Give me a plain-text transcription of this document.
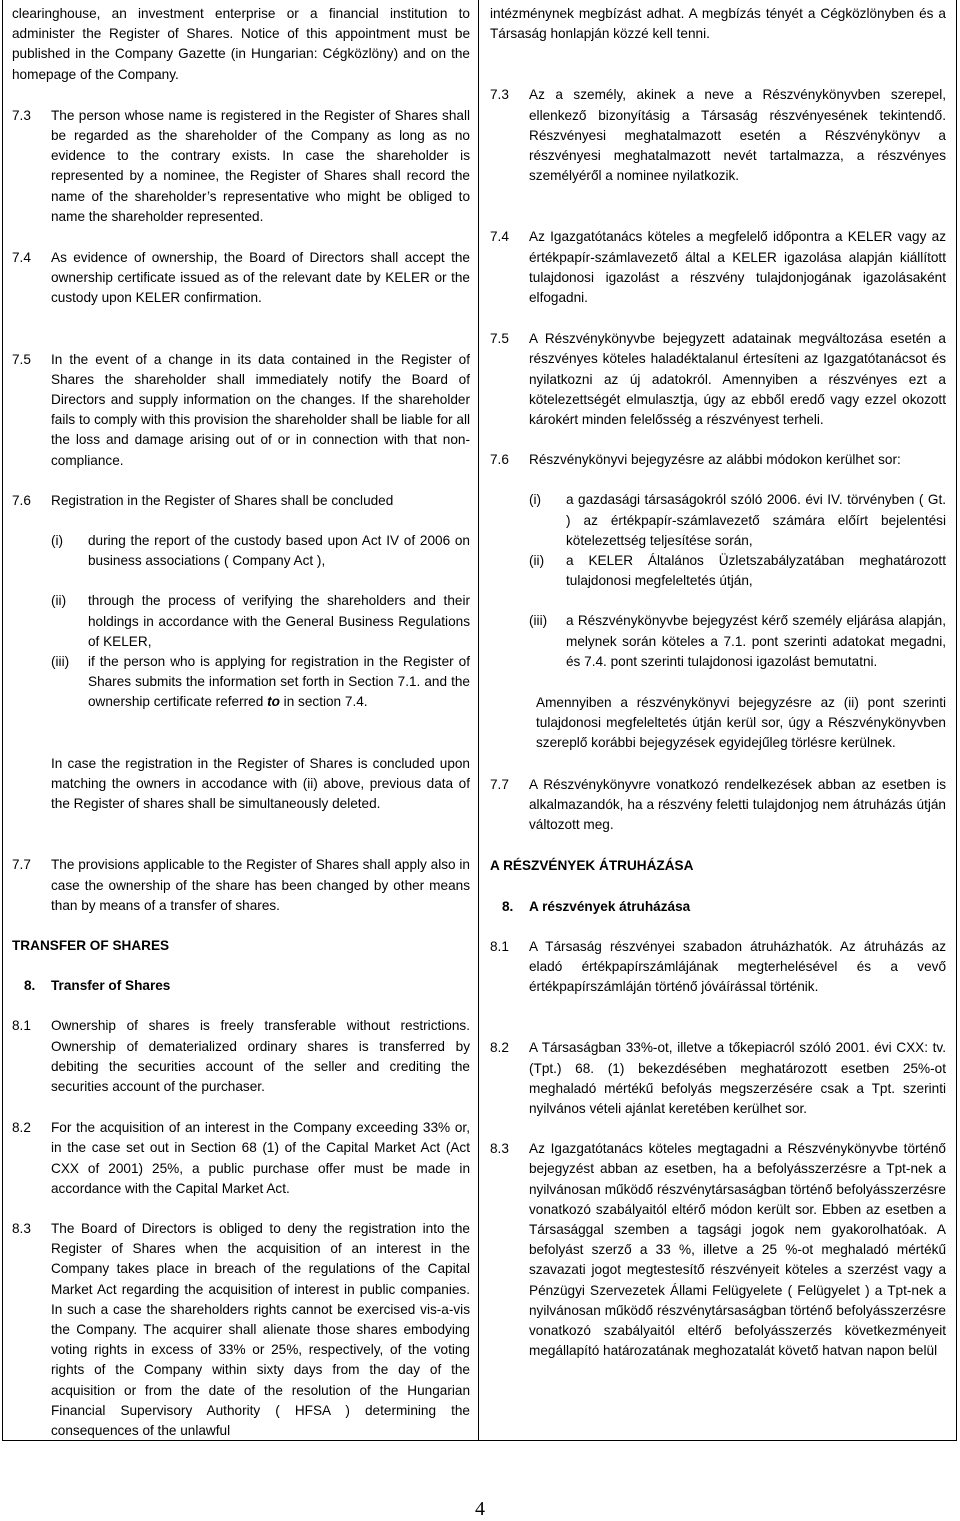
clearinghouse, an investment enterprise or a financial institution to administer the Register of Shares. Notice of this appointment must be published in the Company Gazette (in Hungarian: Cégközlöny) and on the homepage of the Company.

7.3	The person whose name is registered in the Register of Shares shall be regarded as the shareholder of the Company as long as no evidence to the contrary exists. In case the shareholder is represented by a nominee, the Register of Shares shall record the name of the shareholder’s representative who might be obliged to name the shareholder represented.
7.4	As evidence of ownership, the Board of Directors shall accept the ownership certificate issued as of the relevant date by KELER or the custody upon KELER confirmation.
7.5	In the event of a change in its data contained in the Register of Shares the shareholder shall immediately notify the Board of Directors and supply information on the changes. If the shareholder fails to comply with this provision the shareholder shall be liable for all the loss and damage arising out of or in connection with that non-compliance.
7.6	Registration in the Register of Shares shall be concluded
(i)	during the report of the custody based upon Act IV of 2006 on business associations ( Company Act ),
(ii)	through the process of verifying the shareholders and their holdings in accordance with the General Business Regulations of KELER,
(iii)	if the person who is applying for registration in the Register of Shares submits the information set forth in Section 7.1. and the ownership certificate referred to in section 7.4.

In case the registration in the Register of Shares is concluded upon matching the owners in accodance with (ii) above, previous data of the Register of shares shall be simultaneously deleted.

7.7	The provisions applicable to the Register of Shares shall apply also in case the ownership of the share has been changed by other means than by means of a transfer of shares.

TRANSFER OF SHARES

8.	Transfer of Shares
8.1	Ownership of shares is freely transferable without restrictions. Ownership of dematerialized ordinary shares is transferred by debiting the securities account of the seller and crediting the securities account of the purchaser.
8.2	For the acquisition of an interest in the Company exceeding 33% or, in the case set out in Section 68 (1) of the Capital Market Act (Act CXX of 2001) 25%, a public purchase offer must be made in accordance with the Capital Market Act.
8.3	The Board of Directors is obliged to deny the registration into the Register of Shares when the acquisition of an interest in the Company takes place in breach of the regulations of the Capital Market Act regarding the acquisition of interest in public companies. In such a case the shareholders rights cannot be exercised vis-a-vis the Company. The acquirer shall alienate those shares embodying voting rights in excess of 33% or 25%, respectively, of the voting rights of the Company within sixty days from the day of the acquisition or from the date of the resolution of the Hungarian Financial Supervisory Authority ( HFSA ) determining the consequences of the unlawful

intézménynek megbízást adhat. A megbízás tényét a Cégközlönyben és a Társaság honlapján közzé kell tenni.

7.3	Az a személy, akinek a neve a Részvénykönyvben szerepel, ellenkező bizonyításig a Társaság részvényesének tekintendő. Részvényesi meghatalmazott esetén a Részvénykönyv a részvényesi meghatalmazott nevét tartalmazza, a részvényes személyéről a nominee nyilatkozik.
7.4	Az Igazgatótanács köteles a megfelelő időpontra a KELER vagy az értékpapír-számlavezető által a KELER igazolása alapján kiállított tulajdonosi igazolást a részvény tulajdonjogának igazolásaként elfogadni.
7.5	A Részvénykönyvbe bejegyzett adatainak megváltozása esetén a részvényes köteles haladéktalanul értesíteni az Igazgatótanácsot és nyilatkozni az új adatokról. Amennyiben a részvényes ezt a kötelezettségét elmulasztja, úgy az ebből eredő vagy ezzel okozott károkért minden felelősség a részvényest terheli.
7.6	Részvénykönyvi bejegyzésre az alábbi módokon kerülhet sor:
(i)	a gazdasági társaságokról szóló 2006. évi IV. törvényben ( Gt. ) az értékpapír-számlavezető számára előírt bejelentési kötelezettség teljesítése során,
(ii)	a KELER Általános Üzletszabályzatában meghatározott tulajdonosi megfeleltetés útján,
(iii)	a Részvénykönyvbe bejegyzést kérő személy eljárása alapján, melynek során köteles a 7.1. pont szerinti adatokat megadni, és 7.4. pont szerinti tulajdonosi igazolást bemutatni.

Amennyiben a részvénykönyvi bejegyzésre az (ii) pont szerinti tulajdonosi megfeleltetés útján kerül sor, úgy a Részvénykönyvben szereplő korábbi bejegyzések egyidejűleg törlésre kerülnek.

7.7	A Részvénykönyvre vonatkozó rendelkezések abban az esetben is alkalmazandók, ha a részvény feletti tulajdonjog nem átruházás útján változott meg.

A RÉSZVÉNYEK ÁTRUHÁZÁSA

8.	A részvények átruházása
8.1	A Társaság részvényei szabadon átruházhatók. Az átruházás az eladó értékpapírszámlájának megterhelésével és a vevő értékpapírszámláján történő jóváírással történik.
8.2	A Társaságban 33%-ot, illetve a tőkepiacról szóló 2001. évi CXX: tv. (Tpt.) 68. (1) bekezdésében meghatározott esetben 25%-ot meghaladó mértékű befolyás megszerzésére csak a Tpt. szerinti nyilvános vételi ajánlat keretében kerülhet sor.
8.3	Az Igazgatótanács köteles megtagadni a Részvénykönyvbe történő bejegyzést abban az esetben, ha a befolyásszerzésre a Tpt-nek a nyilvánosan működő részvénytársaságban történő befolyásszerzésre vonatkozó szabályaitól eltérő módon került sor. Ebben az esetben a Társasággal szemben a tagsági jogok nem gyakorolhatóak. A befolyást szerző a 33 %, illetve a 25 %-ot meghaladó mértékű szavazati jogot megtestesítő részvényeit köteles a szerzést vagy a Pénzügyi Szervezetek Állami Felügyelete ( Felügyelet ) a Tpt-nek a nyilvánosan működő részvénytársaságban történő befolyásszerzésre vonatkozó szabályaitól eltérő befolyásszerzés következményeit megállapító határozatának meghozatalát követő hatvan napon belül
4
